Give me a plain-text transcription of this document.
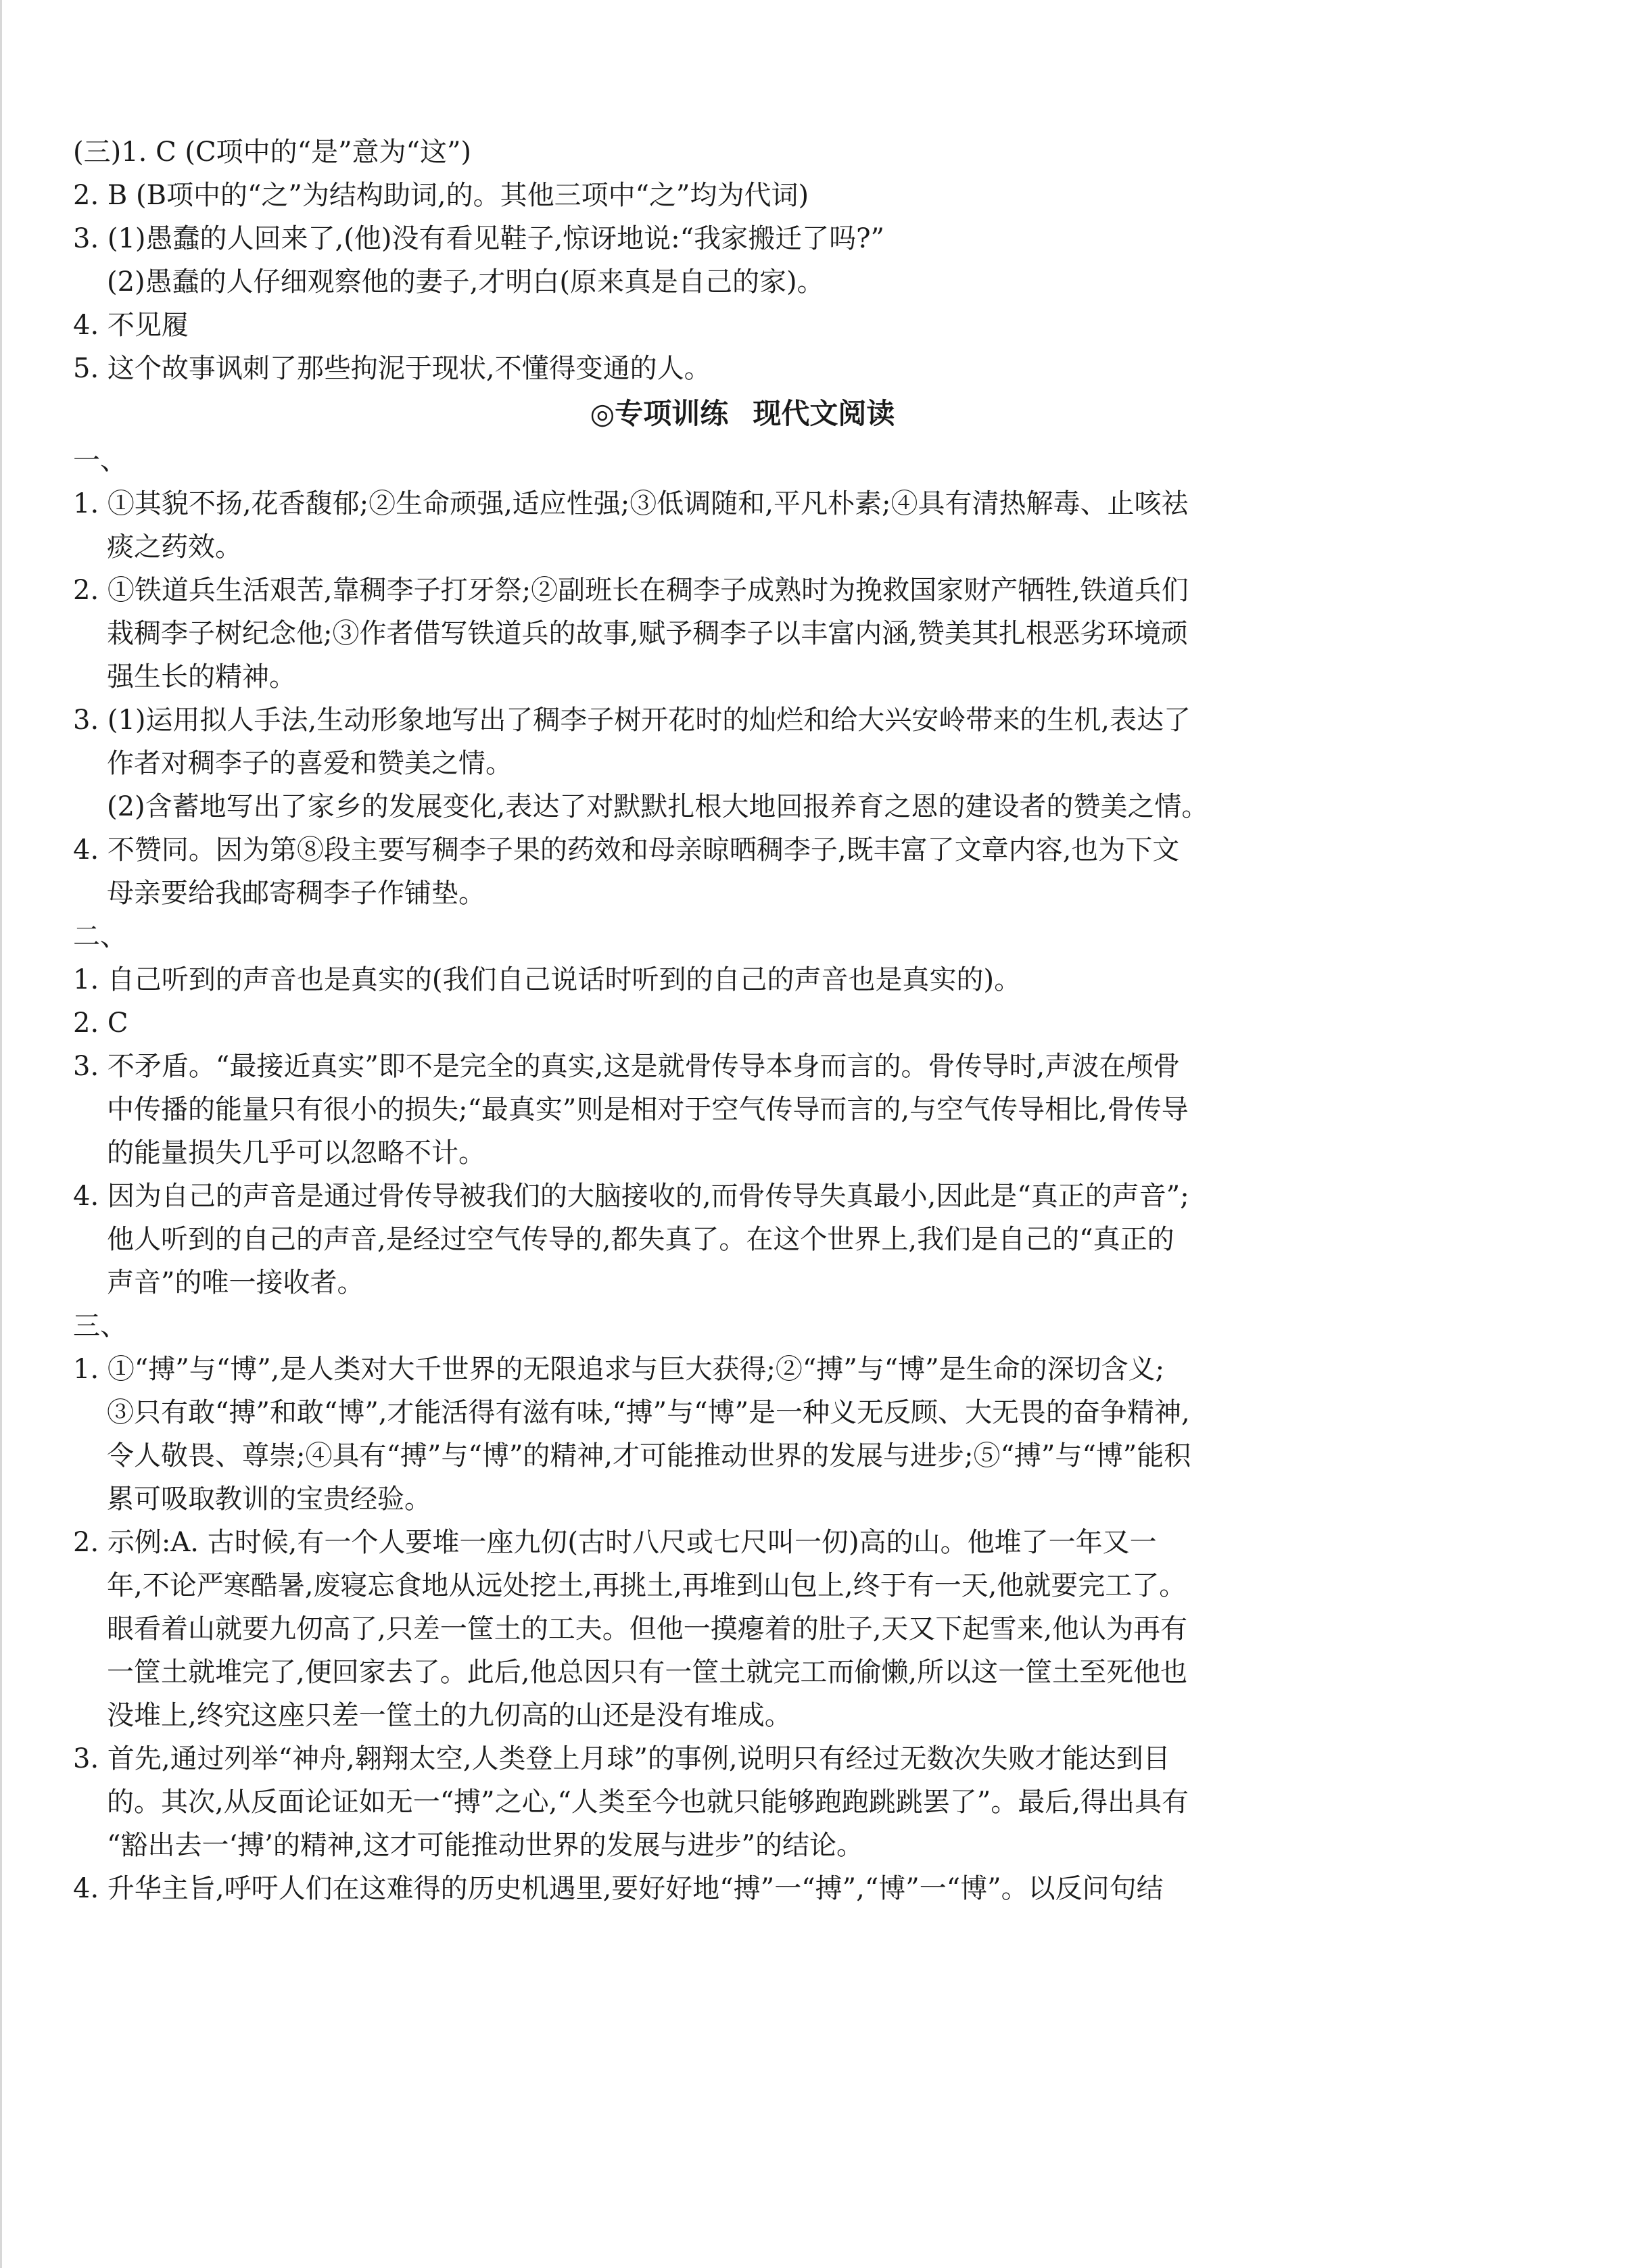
(三)1. C (C项中的“是”意为“这”)
2. B (B项中的“之”为结构助词,的。其他三项中“之”均为代词)
3. (1)愚蠢的人回来了,(他)没有看见鞋子,惊讶地说:“我家搬迁了吗?”
(2)愚蠢的人仔细观察他的妻子,才明白(原来真是自己的家)。
4. 不见履
5. 这个故事讽刺了那些拘泥于现状,不懂得变通的人。
◎专项训练 现代文阅读
一、
1. ①其貌不扬,花香馥郁;②生命顽强,适应性强;③低调随和,平凡朴素;④具有清热解毒、止咳祛
痰之药效。
2. ①铁道兵生活艰苦,靠稠李子打牙祭;②副班长在稠李子成熟时为挽救国家财产牺牲,铁道兵们
栽稠李子树纪念他;③作者借写铁道兵的故事,赋予稠李子以丰富内涵,赞美其扎根恶劣环境顽
强生长的精神。
3. (1)运用拟人手法,生动形象地写出了稠李子树开花时的灿烂和给大兴安岭带来的生机,表达了
作者对稠李子的喜爱和赞美之情。
(2)含蓄地写出了家乡的发展变化,表达了对默默扎根大地回报养育之恩的建设者的赞美之情。
4. 不赞同。因为第⑧段主要写稠李子果的药效和母亲晾晒稠李子,既丰富了文章内容,也为下文
母亲要给我邮寄稠李子作铺垫。
二、
1. 自己听到的声音也是真实的(我们自己说话时听到的自己的声音也是真实的)。
2. C
3. 不矛盾。“最接近真实”即不是完全的真实,这是就骨传导本身而言的。骨传导时,声波在颅骨
中传播的能量只有很小的损失;“最真实”则是相对于空气传导而言的,与空气传导相比,骨传导
的能量损失几乎可以忽略不计。
4. 因为自己的声音是通过骨传导被我们的大脑接收的,而骨传导失真最小,因此是“真正的声音”;
他人听到的自己的声音,是经过空气传导的,都失真了。在这个世界上,我们是自己的“真正的
声音”的唯一接收者。
三、
1. ①“搏”与“博”,是人类对大千世界的无限追求与巨大获得;②“搏”与“博”是生命的深切含义;
③只有敢“搏”和敢“博”,才能活得有滋有味,“搏”与“博”是一种义无反顾、大无畏的奋争精神,
令人敬畏、尊崇;④具有“搏”与“博”的精神,才可能推动世界的发展与进步;⑤“搏”与“博”能积
累可吸取教训的宝贵经验。
2. 示例:A. 古时候,有一个人要堆一座九仞(古时八尺或七尺叫一仞)高的山。他堆了一年又一
年,不论严寒酷暑,废寝忘食地从远处挖土,再挑土,再堆到山包上,终于有一天,他就要完工了。
眼看着山就要九仞高了,只差一筐土的工夫。但他一摸瘪着的肚子,天又下起雪来,他认为再有
一筐土就堆完了,便回家去了。此后,他总因只有一筐土就完工而偷懒,所以这一筐土至死他也
没堆上,终究这座只差一筐土的九仞高的山还是没有堆成。
3. 首先,通过列举“神舟,翱翔太空,人类登上月球”的事例,说明只有经过无数次失败才能达到目
的。其次,从反面论证如无一“搏”之心,“人类至今也就只能够跑跑跳跳罢了”。最后,得出具有
“豁出去一‘搏’的精神,这才可能推动世界的发展与进步”的结论。
4. 升华主旨,呼吁人们在这难得的历史机遇里,要好好地“搏”一“搏”,“博”一“博”。以反问句结
